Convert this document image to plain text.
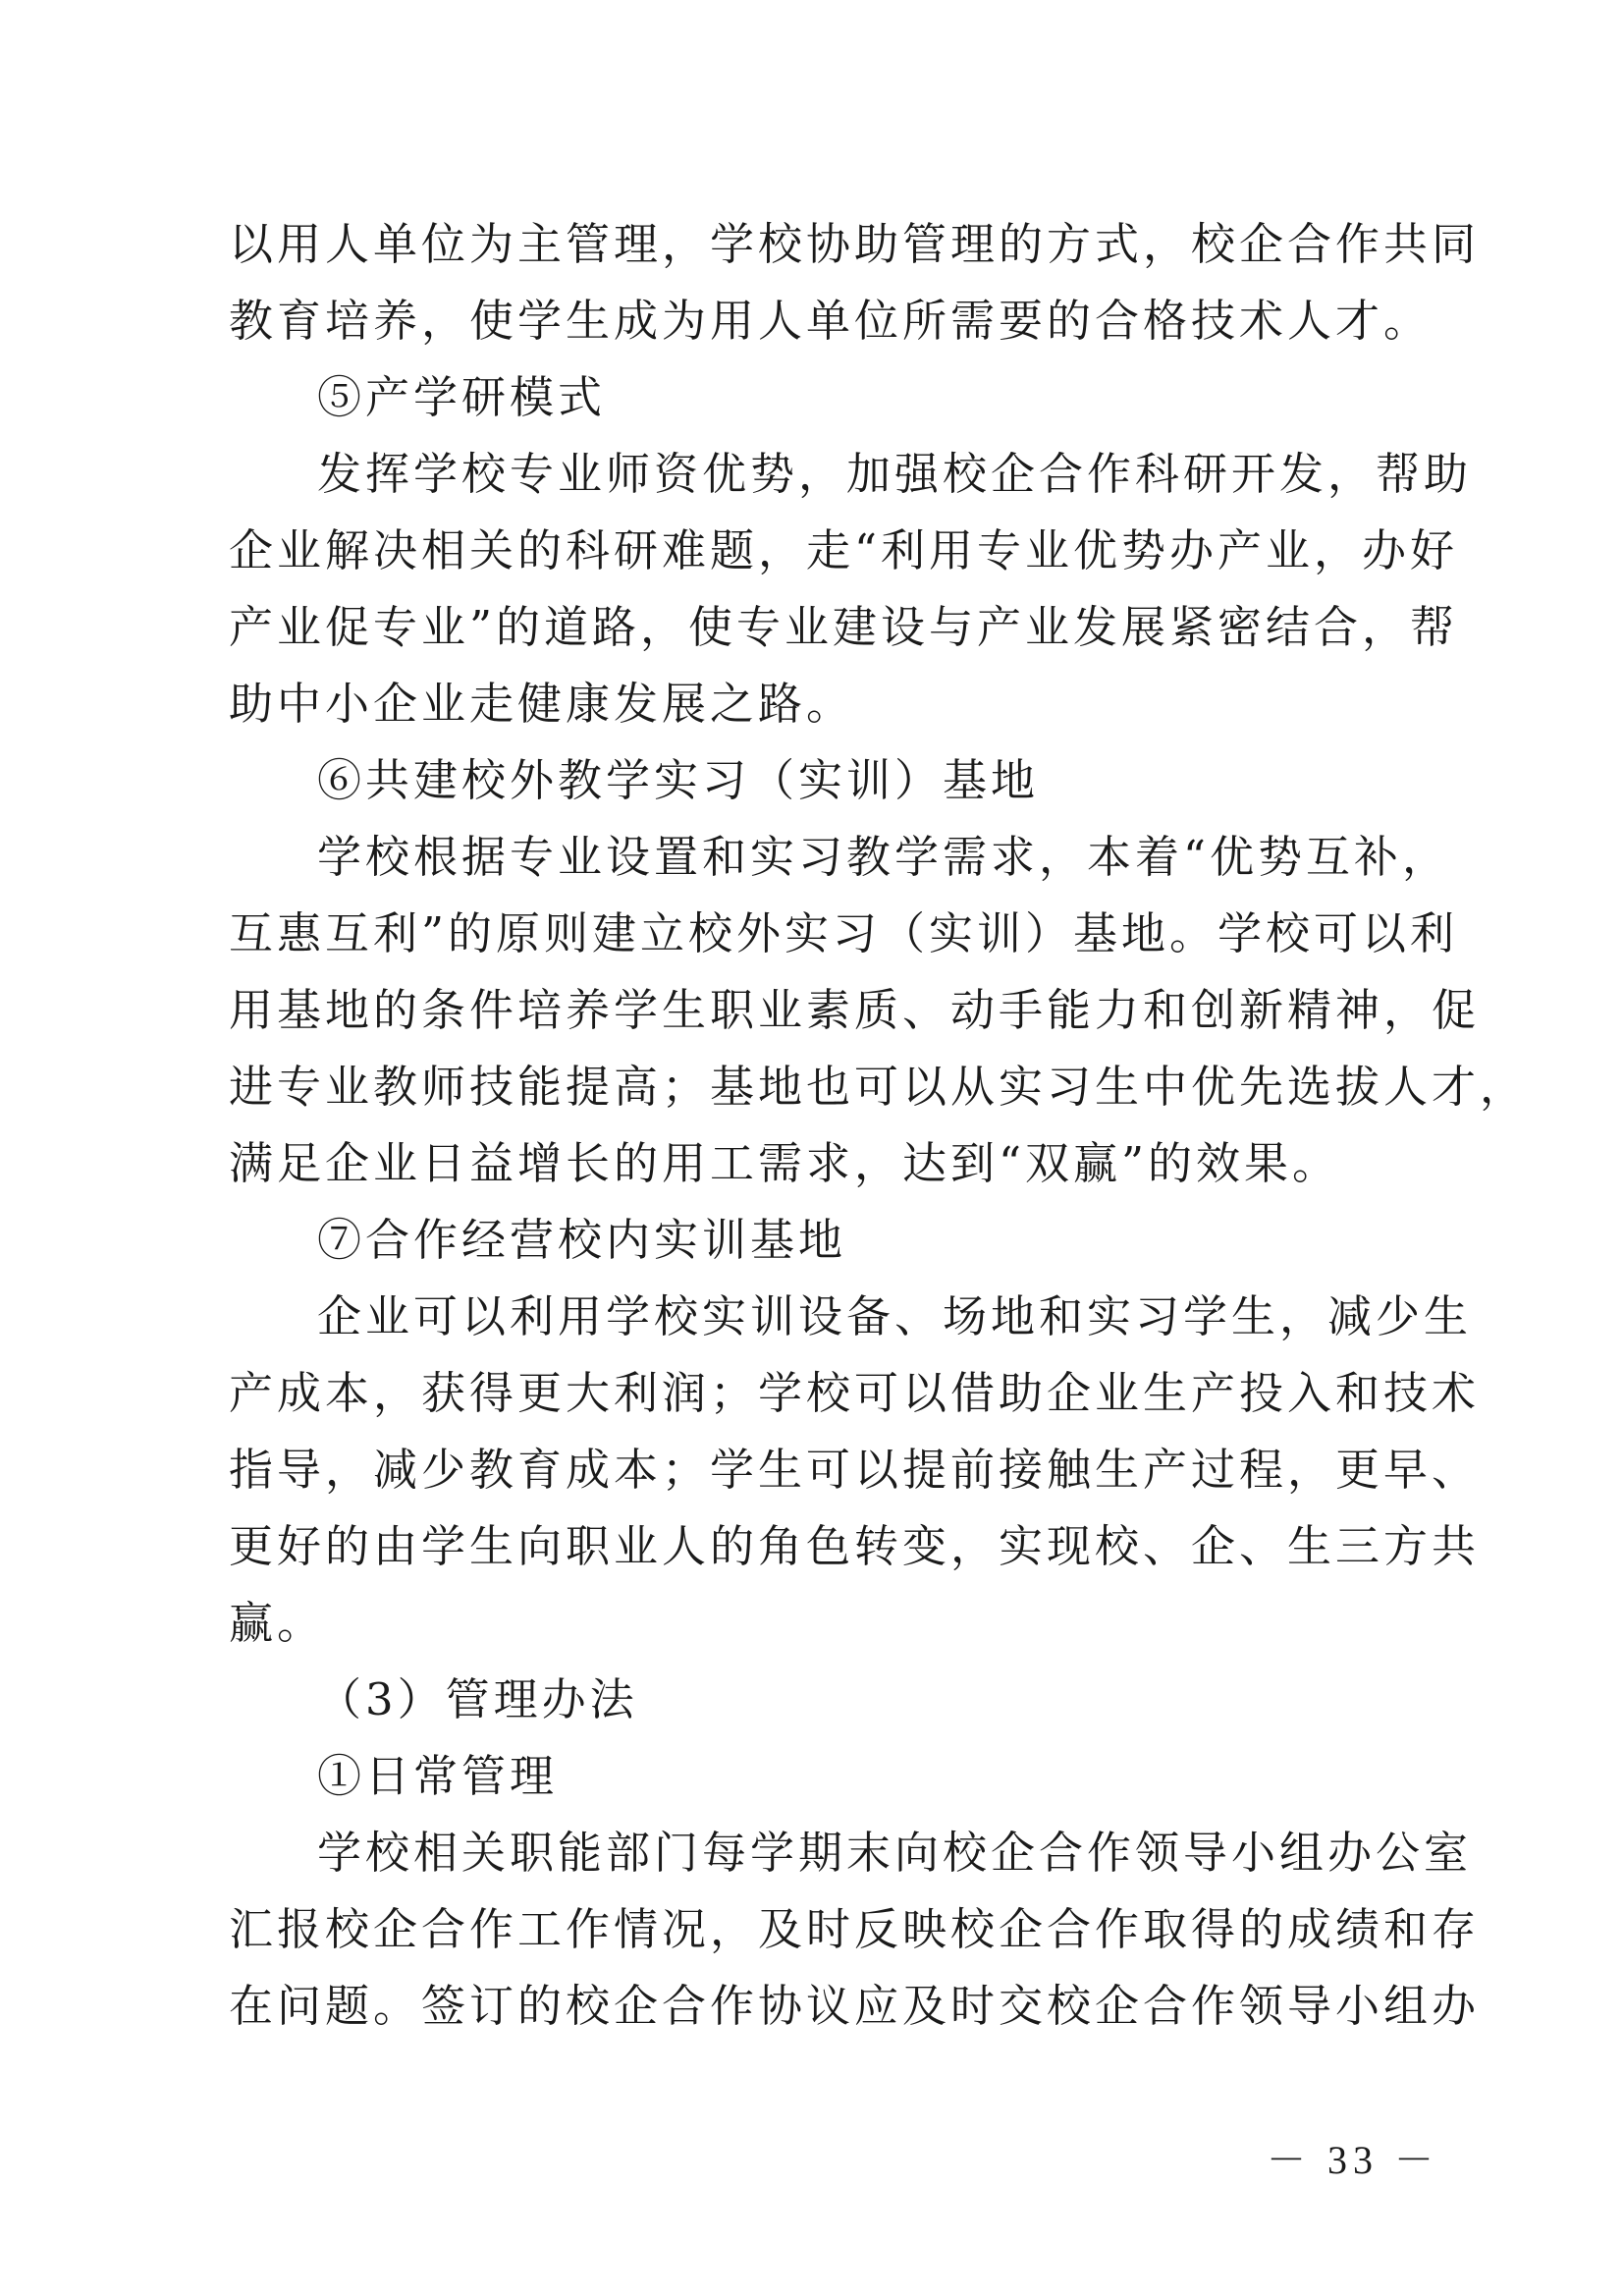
以用人单位为主管理，学校协助管理的方式，校企合作共同
教育培养，使学生成为用人单位所需要的合格技术人才。
⑤产学研模式
发挥学校专业师资优势，加强校企合作科研开发，帮助
企业解决相关的科研难题，走“利用专业优势办产业，办好
产业促专业”的道路，使专业建设与产业发展紧密结合，帮
助中小企业走健康发展之路。
⑥共建校外教学实习（实训）基地
学校根据专业设置和实习教学需求，本着“优势互补，
互惠互利”的原则建立校外实习（实训）基地。学校可以利
用基地的条件培养学生职业素质、动手能力和创新精神，促
进专业教师技能提高；基地也可以从实习生中优先选拔人才，
满足企业日益增长的用工需求，达到“双赢”的效果。
⑦合作经营校内实训基地
企业可以利用学校实训设备、场地和实习学生，减少生
产成本，获得更大利润；学校可以借助企业生产投入和技术
指导，减少教育成本；学生可以提前接触生产过程，更早、
更好的由学生向职业人的角色转变，实现校、企、生三方共
赢。
（3）管理办法
①日常管理
学校相关职能部门每学期末向校企合作领导小组办公室
汇报校企合作工作情况，及时反映校企合作取得的成绩和存
在问题。签订的校企合作协议应及时交校企合作领导小组办
－ 33 －
